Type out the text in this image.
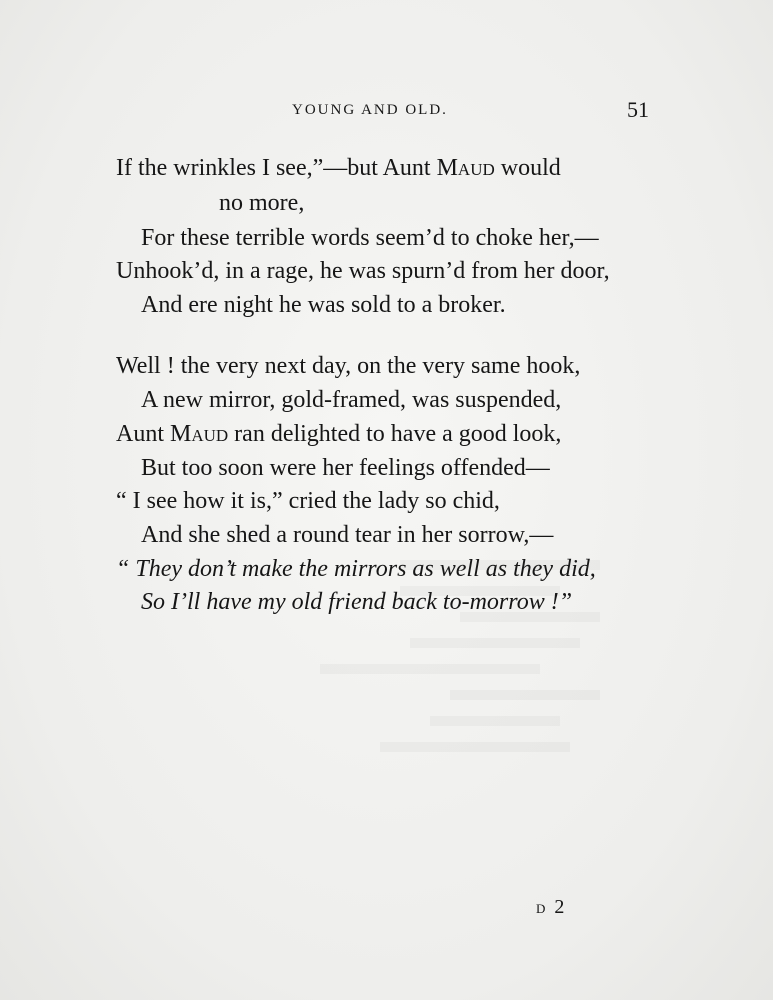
YOUNG AND OLD.	51
If the wrinkles I see,”—but Aunt Maud would
no more,
For these terrible words seem’d to choke her,—
Unhook’d, in a rage, he was spurn’d from her door,
And ere night he was sold to a broker.
Well ! the very next day, on the very same hook,
A new mirror, gold-framed, was suspended,
Aunt Maud ran delighted to have a good look,
But too soon were her feelings offended—
“ I see how it is,” cried the lady so chid,
And she shed a round tear in her sorrow,—
“ They don’t make the mirrors as well as they did,
So I’ll have my old friend back to-morrow !”
D 2
